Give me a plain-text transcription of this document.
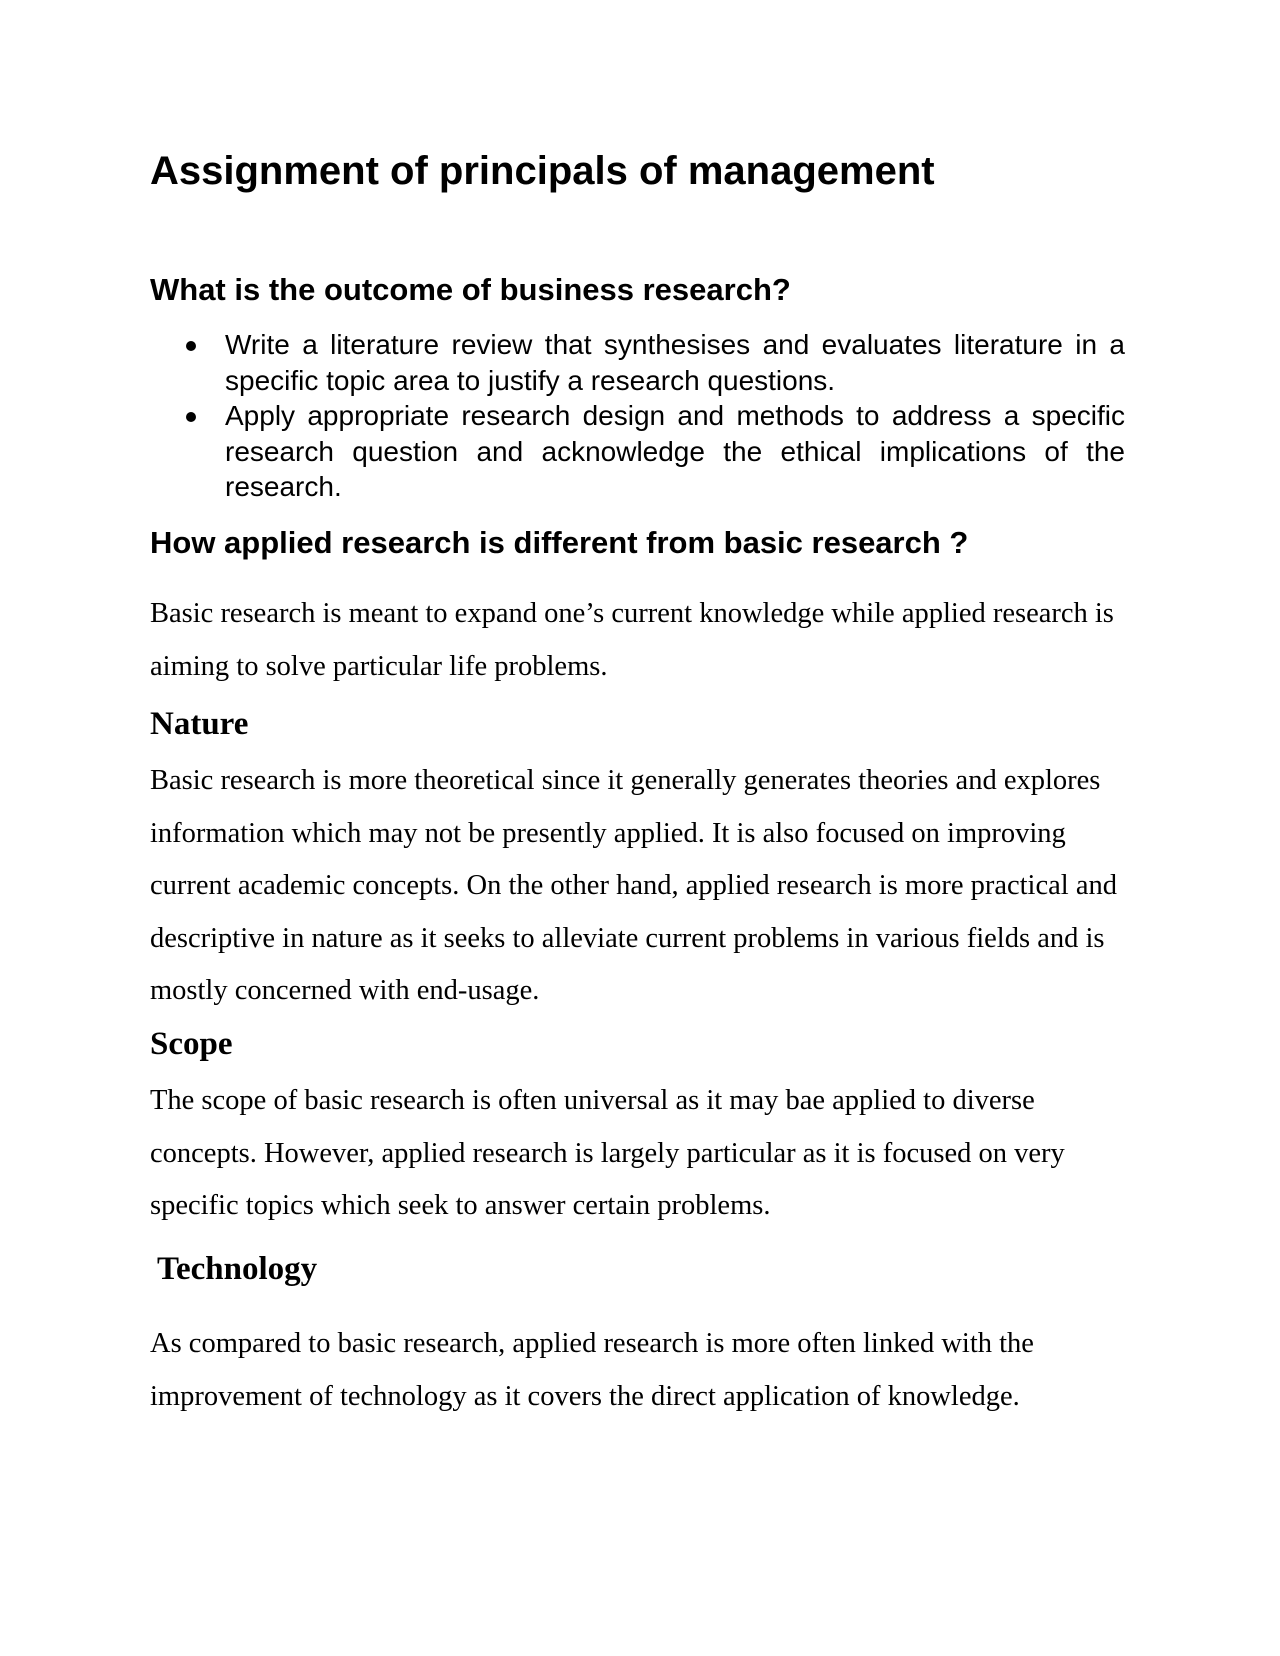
Assignment of principals of management
What is the outcome of business research?
Write a literature review that synthesises and evaluates literature in a specific topic area to justify a research questions.
Apply appropriate research design and methods to address a specific research question and acknowledge the ethical implications of the research.
How applied research is different from basic research ?

Basic research is meant to expand one’s current knowledge while applied research is aiming to solve particular life problems.

Nature

Basic research is more theoretical since it generally generates theories and explores information which may not be presently applied. It is also focused on improving current academic concepts. On the other hand, applied research is more practical and descriptive in nature as it seeks to alleviate current problems in various fields and is mostly concerned with end-usage.

Scope

The scope of basic research is often universal as it may bae applied to diverse concepts. However, applied research is largely particular as it is focused on very specific topics which seek to answer certain problems.

Technology

As compared to basic research, applied research is more often linked with the improvement of technology as it covers the direct application of knowledge.
